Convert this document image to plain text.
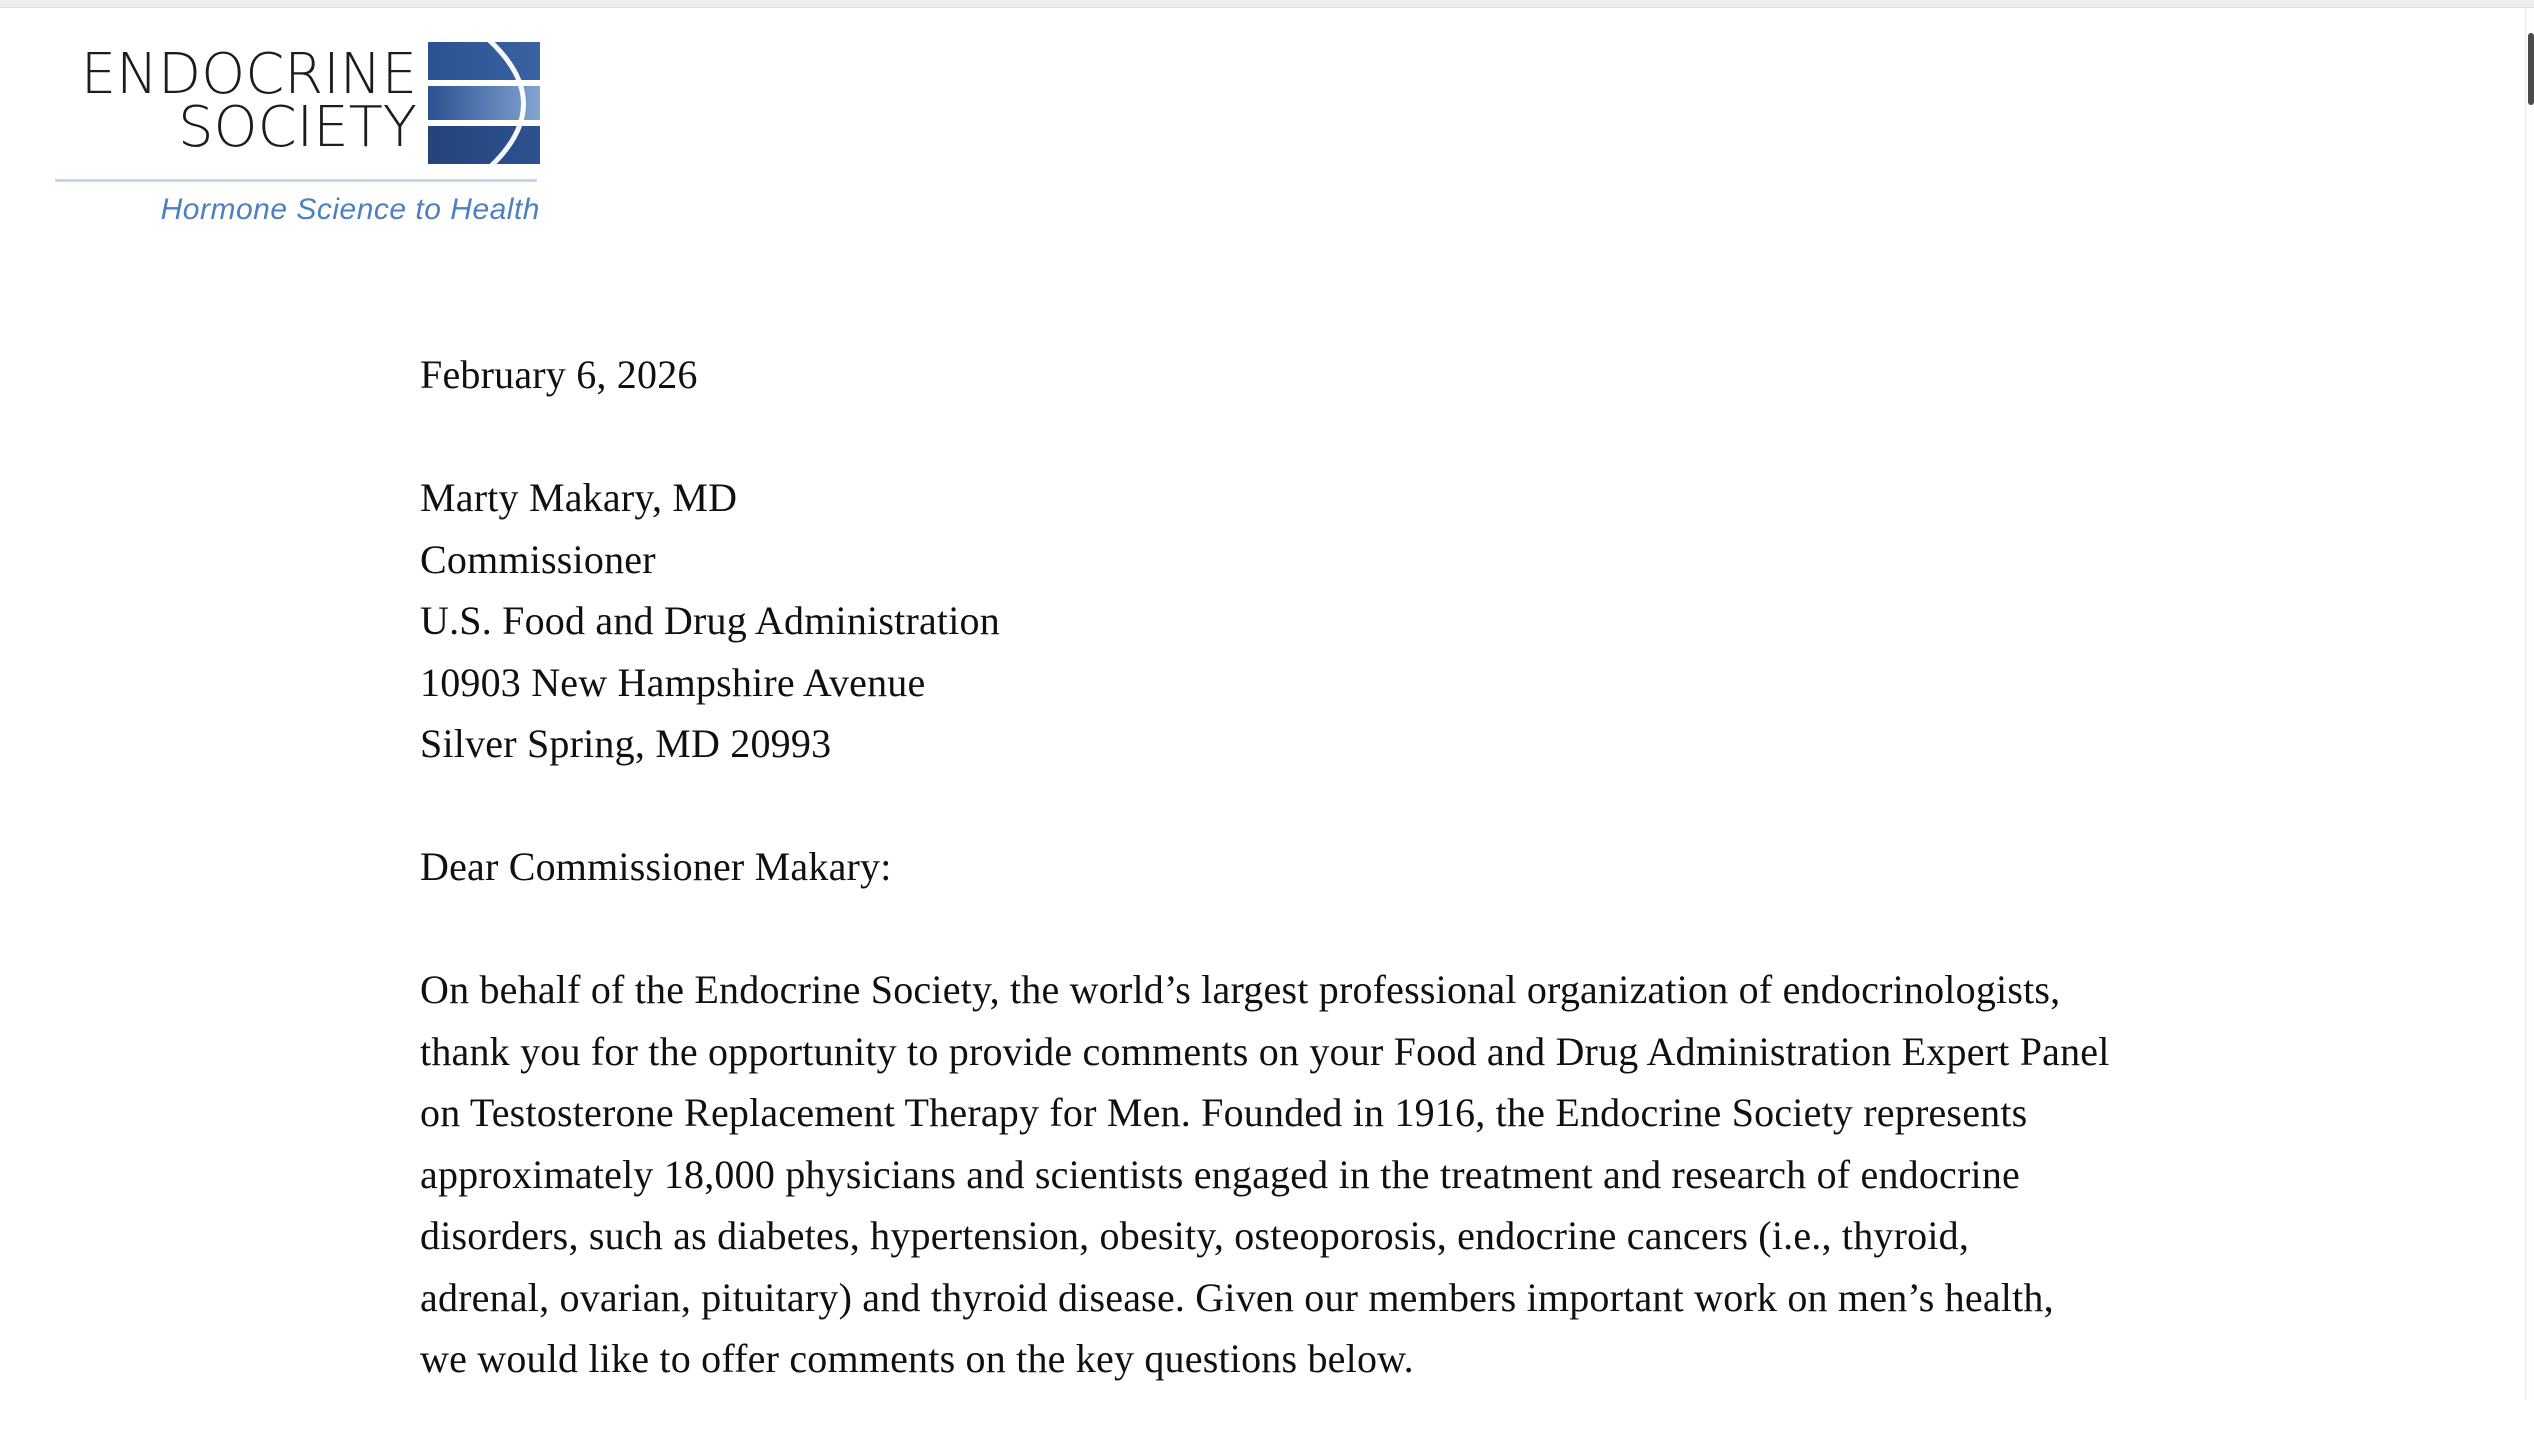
ENDOCRINE
SOCIETY
Hormone Science to Health
February 6, 2026
Marty Makary, MD
Commissioner
U.S. Food and Drug Administration
10903 New Hampshire Avenue
Silver Spring, MD 20993
Dear Commissioner Makary:
On behalf of the Endocrine Society, the world’s largest professional organization of endocrinologists,
thank you for the opportunity to provide comments on your Food and Drug Administration Expert Panel
on Testosterone Replacement Therapy for Men. Founded in 1916, the Endocrine Society represents
approximately 18,000 physicians and scientists engaged in the treatment and research of endocrine
disorders, such as diabetes, hypertension, obesity, osteoporosis, endocrine cancers (i.e., thyroid,
adrenal, ovarian, pituitary) and thyroid disease. Given our members important work on men’s health,
we would like to offer comments on the key questions below.
